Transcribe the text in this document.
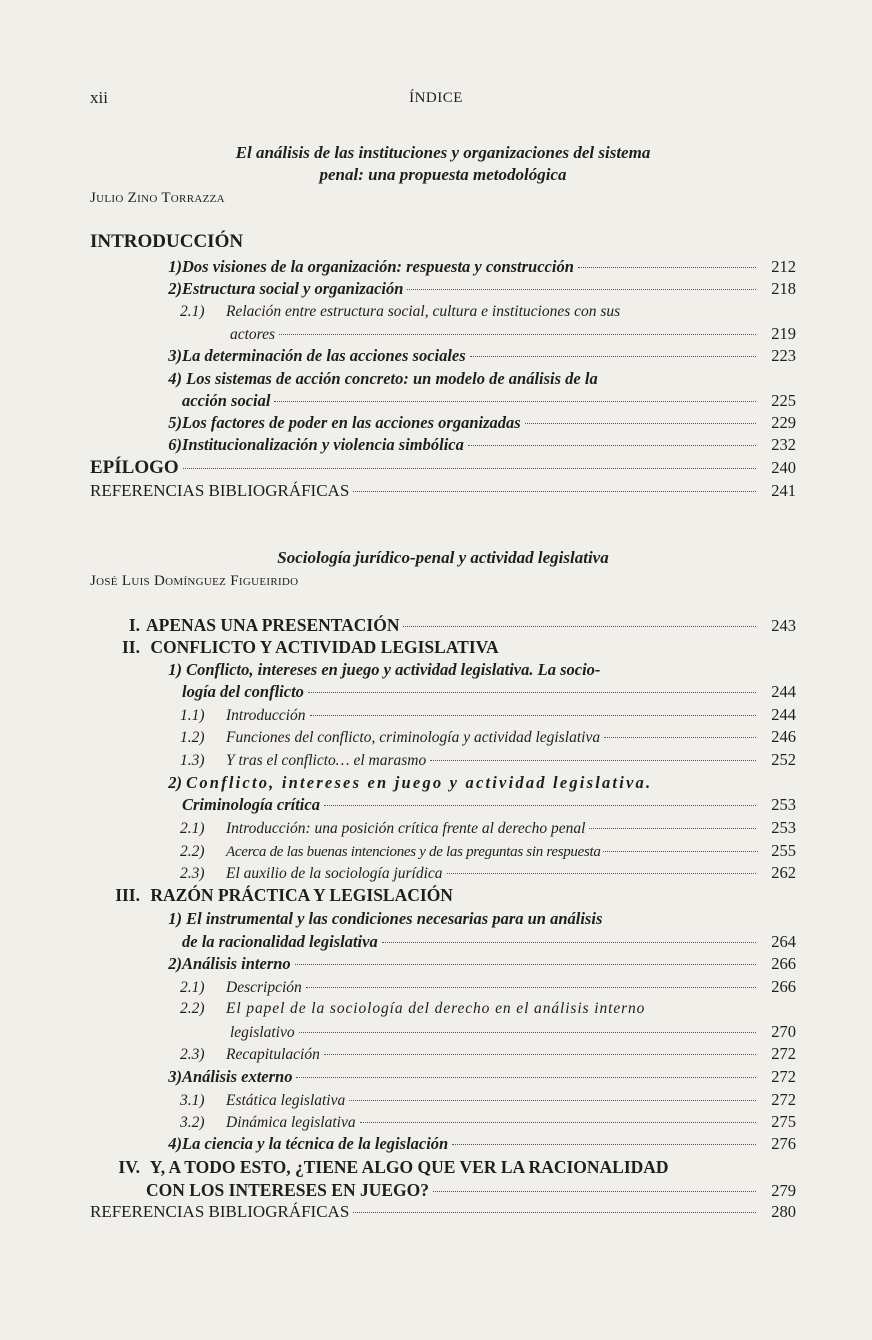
xii	ÍNDICE
El análisis de las instituciones y organizaciones del sistema
penal: una propuesta metodológica
Julio Zino Torrazza
INTRODUCCIÓN
1) Dos visiones de la organización: respuesta y construcción	212
2) Estructura social y organización	218
2.1) Relación entre estructura social, cultura e instituciones con sus
actores	219
3) La determinación de las acciones sociales	223
4) Los sistemas de acción concreto: un modelo de análisis de la
acción social	225
5) Los factores de poder en las acciones organizadas	229
6) Institucionalización y violencia simbólica	232
EPÍLOGO	240
REFERENCIAS BIBLIOGRÁFICAS	241
Sociología jurídico-penal y actividad legislativa
José Luis Domínguez Figueirido
I. APENAS UNA PRESENTACIÓN	243
II. CONFLICTO Y ACTIVIDAD LEGISLATIVA
1) Conflicto, intereses en juego y actividad legislativa. La socio-
logía del conflicto	244
1.1)	Introducción	244
1.2)	Funciones del conflicto, criminología y actividad legislativa	246
1.3)	Y tras el conflicto… el marasmo	252
2) Conflicto, intereses en juego y actividad legislativa.
Criminología crítica	253
2.1)	Introducción: una posición crítica frente al derecho penal	253
2.2)	Acerca de las buenas intenciones y de las preguntas sin respuesta	255
2.3)	El auxilio de la sociología jurídica	262
III. RAZÓN PRÁCTICA Y LEGISLACIÓN
1) El instrumental y las condiciones necesarias para un análisis
de la racionalidad legislativa	264
2) Análisis interno	266
2.1)	Descripción	266
2.2) El papel de la sociología del derecho en el análisis interno
legislativo	270
2.3)	Recapitulación	272
3) Análisis externo	272
3.1)	Estática legislativa	272
3.2)	Dinámica legislativa	275
4) La ciencia y la técnica de la legislación	276
IV. Y, A TODO ESTO, ¿TIENE ALGO QUE VER LA RACIONALIDAD
CON LOS INTERESES EN JUEGO?	279
REFERENCIAS BIBLIOGRÁFICAS	280
